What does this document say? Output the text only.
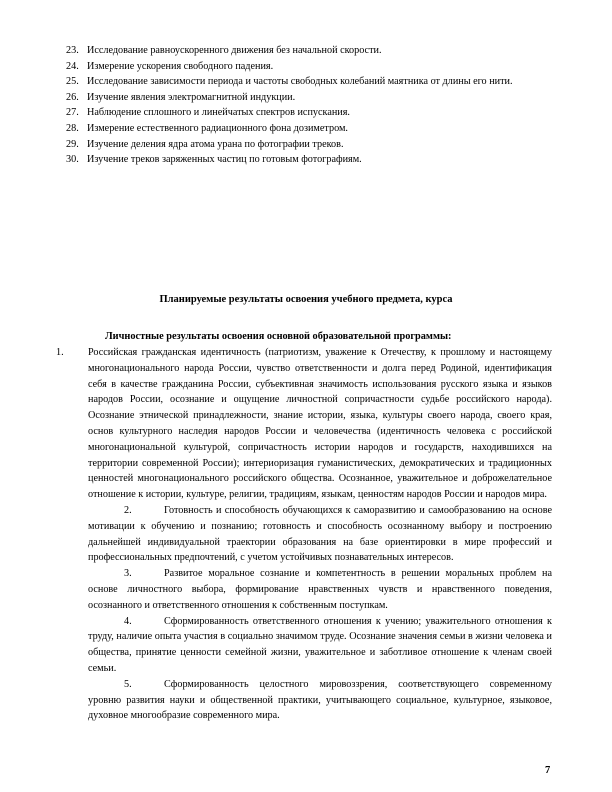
23. Исследование равноускоренного движения без начальной скорости.
24. Измерение ускорения свободного падения.
25. Исследование зависимости периода и частоты свободных колебаний маятника от длины его нити.
26. Изучение явления электромагнитной индукции.
27. Наблюдение сплошного и линейчатых спектров испускания.
28. Измерение естественного радиационного фона дозиметром.
29. Изучение деления ядра атома урана по фотографии треков.
30. Изучение треков заряженных частиц по готовым фотографиям.
Планируемые результаты освоения учебного предмета, курса
Личностные результаты освоения основной образовательной программы:
1. Российская гражданская идентичность (патриотизм, уважение к Отечеству, к прошлому и настоящему многонационального народа России, чувство ответственности и долга перед Родиной, идентификация себя в качестве гражданина России, субъективная значимость использования русского языка и языков народов России, осознание и ощущение личностной сопричастности судьбе российского народа). Осознание этнической принадлежности, знание истории, языка, культуры своего народа, своего края, основ культурного наследия народов России и человечества (идентичность человека с российской многонациональной культурой, сопричастность истории народов и государств, находившихся на территории современной России); интериоризация гуманистических, демократических и традиционных ценностей многонационального российского общества. Осознанное, уважительное и доброжелательное отношение к истории, культуре, религии, традициям, языкам, ценностям народов России и народов мира.

2.	Готовность и способность обучающихся к саморазвитию и самообразованию на основе мотивации к обучению и познанию; готовность и способность осознанному выбору и построению дальнейшей индивидуальной траектории образования на базе ориентировки в мире профессий и профессиональных предпочтений, с учетом устойчивых познавательных интересов.

3.	Развитое моральное сознание и компетентность в решении моральных проблем на основе личностного выбора, формирование нравственных чувств и нравственного поведения, осознанного и ответственного отношения к собственным поступкам.

4.	Сформированность ответственного отношения к учению; уважительного отношения к труду, наличие опыта участия в социально значимом труде. Осознание значения семьи в жизни человека и общества, принятие ценности семейной жизни, уважительное и заботливое отношение к членам своей семьи.

5.	Сформированность целостного мировоззрения, соответствующего современному уровню развития науки и общественной практики, учитывающего социальное, культурное, языковое, духовное многообразие современного мира.

7
